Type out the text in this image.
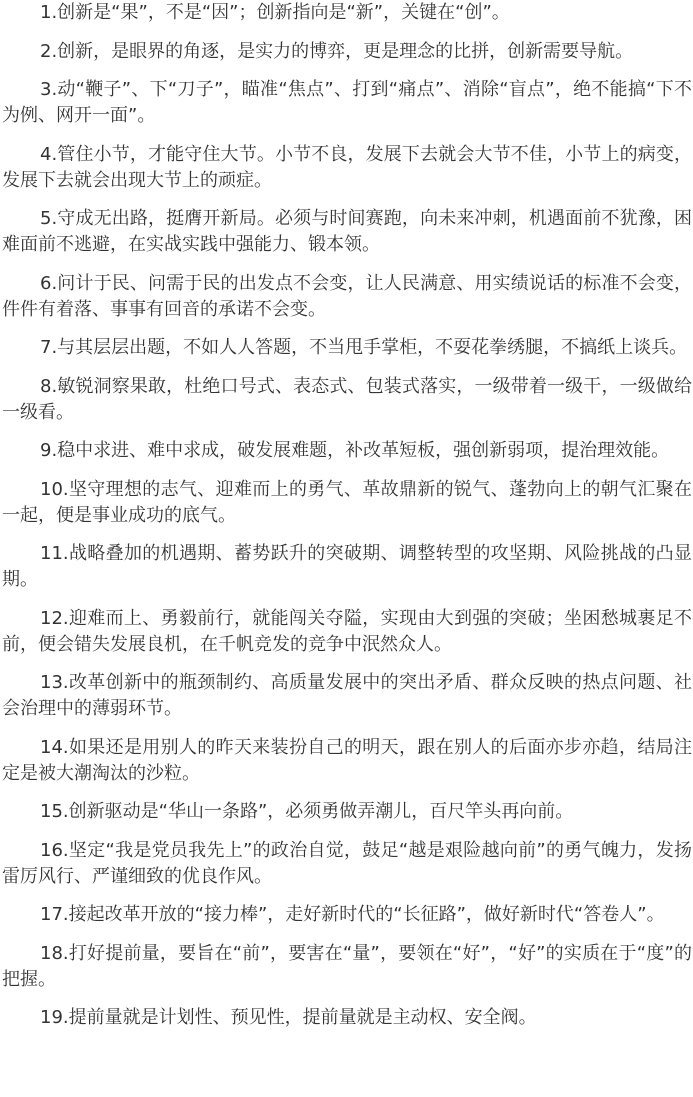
1.创新是“果”，不是“因”；创新指向是“新”，关键在“创”。

2.创新，是眼界的角逐，是实力的博弈，更是理念的比拼，创新需要导航。

3.动“鞭子”、下“刀子”，瞄准“焦点”、打到“痛点”、消除“盲点”，绝不能搞“下不为例、网开一面”。

4.管住小节，才能守住大节。小节不良，发展下去就会大节不佳，小节上的病变，发展下去就会出现大节上的顽症。

5.守成无出路，挺膺开新局。必须与时间赛跑，向未来冲刺，机遇面前不犹豫，困难面前不逃避，在实战实践中强能力、锻本领。

6.问计于民、问需于民的出发点不会变，让人民满意、用实绩说话的标准不会变，件件有着落、事事有回音的承诺不会变。

7.与其层层出题，不如人人答题，不当甩手掌柜，不耍花拳绣腿，不搞纸上谈兵。

8.敏锐洞察果敢，杜绝口号式、表态式、包装式落实，一级带着一级干，一级做给一级看。

9.稳中求进、难中求成，破发展难题，补改革短板，强创新弱项，提治理效能。

10.坚守理想的志气、迎难而上的勇气、革故鼎新的锐气、蓬勃向上的朝气汇聚在一起，便是事业成功的底气。

11.战略叠加的机遇期、蓄势跃升的突破期、调整转型的攻坚期、风险挑战的凸显期。

12.迎难而上、勇毅前行，就能闯关夺隘，实现由大到强的突破；坐困愁城裹足不前，便会错失发展良机，在千帆竞发的竞争中泯然众人。

13.改革创新中的瓶颈制约、高质量发展中的突出矛盾、群众反映的热点问题、社会治理中的薄弱环节。

14.如果还是用别人的昨天来装扮自己的明天，跟在别人的后面亦步亦趋，结局注定是被大潮淘汰的沙粒。

15.创新驱动是“华山一条路”，必须勇做弄潮儿，百尺竿头再向前。

16.坚定“我是党员我先上”的政治自觉，鼓足“越是艰险越向前”的勇气魄力，发扬雷厉风行、严谨细致的优良作风。

17.接起改革开放的“接力棒”，走好新时代的“长征路”，做好新时代“答卷人”。

18.打好提前量，要旨在“前”，要害在“量”，要领在“好”，“好”的实质在于“度”的把握。

19.提前量就是计划性、预见性，提前量就是主动权、安全阀。
